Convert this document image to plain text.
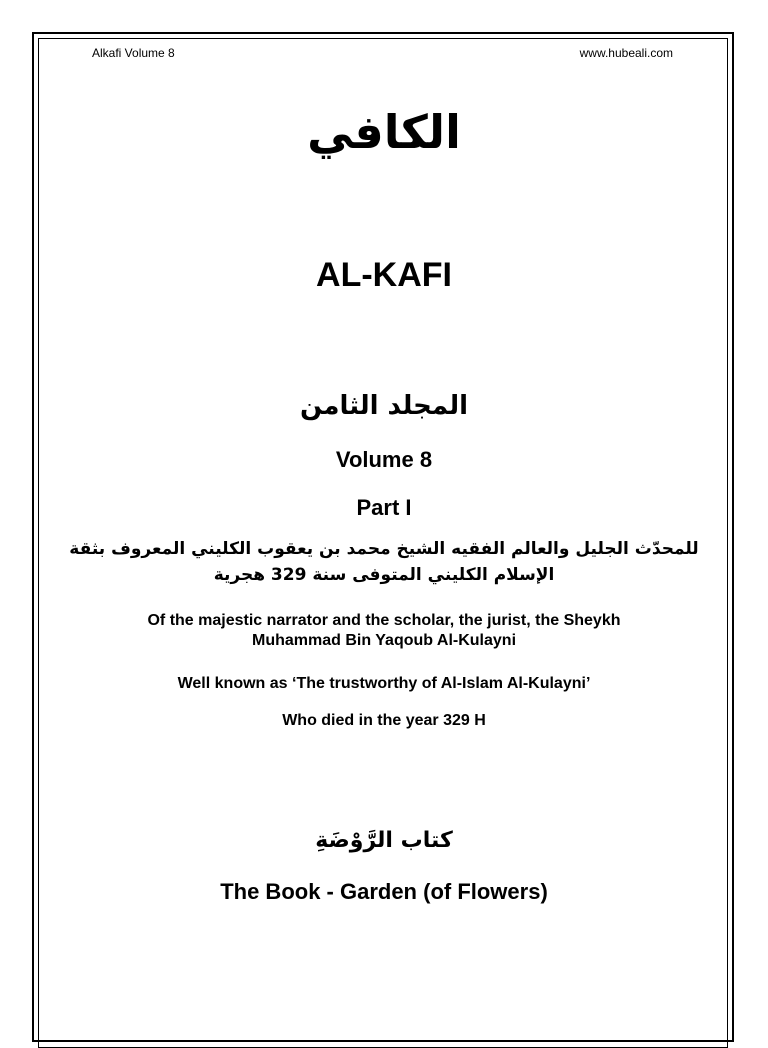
Alkafi Volume 8	www.hubeali.com
الكافي
AL-KAFI
المجلد الثامن
Volume 8
Part I
للمحدّث الجليل والعالم الفقيه الشيخ محمد بن يعقوب الكليني المعروف بثقة
الإسلام الكليني المتوفى سنة 329 هجرية
Of the majestic narrator and the scholar, the jurist, the Sheykh
Muhammad Bin Yaqoub Al-Kulayni
Well known as ‘The trustworthy of Al-Islam Al-Kulayni’
Who died in the year 329 H
كتاب الرَّوْضَةِ
The Book - Garden (of Flowers)
